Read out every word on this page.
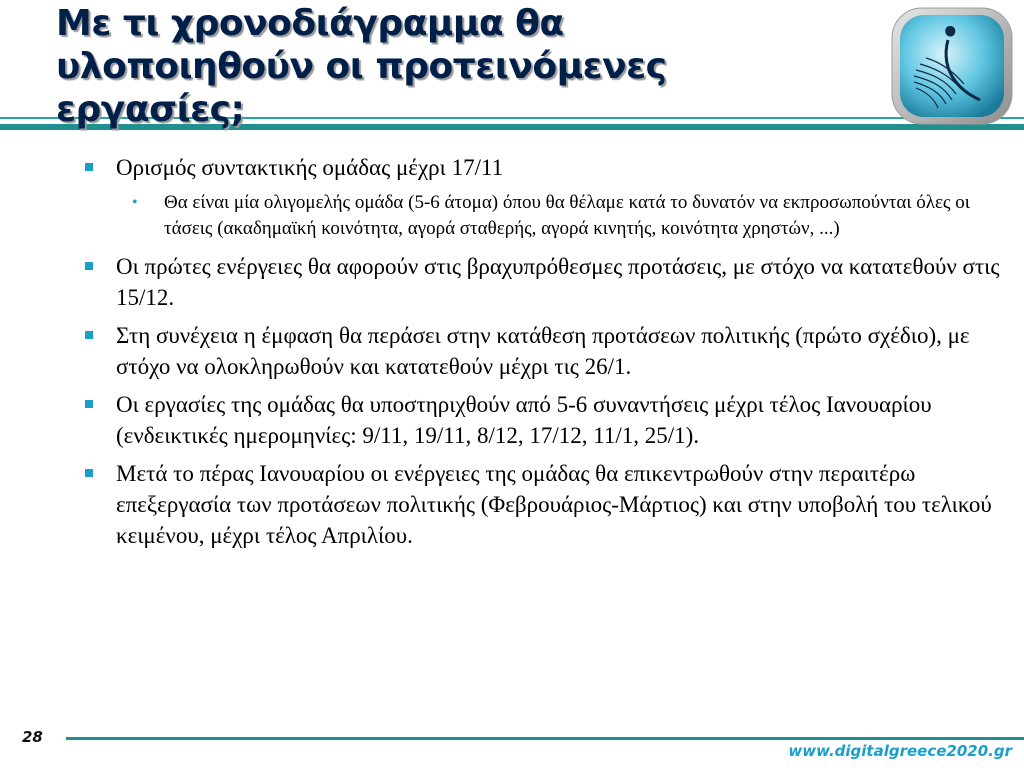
Με τι χρονοδιάγραμμα θα
υλοποιηθούν οι προτεινόμενες
εργασίες;
Ορισμός συντακτικής ομάδας μέχρι 17/11
• Θα είναι μία ολιγομελής ομάδα (5-6 άτομα) όπου θα θέλαμε κατά το δυνατόν να εκπροσωπούνται όλες οι τάσεις (ακαδημαϊκή κοινότητα, αγορά σταθερής, αγορά κινητής, κοινότητα χρηστών, ...)
Οι πρώτες ενέργειες θα αφορούν στις βραχυπρόθεσμες προτάσεις, με στόχο να κατατεθούν στις 15/12.
Στη συνέχεια η έμφαση θα περάσει στην κατάθεση προτάσεων πολιτικής (πρώτο σχέδιο), με στόχο να ολοκληρωθούν και κατατεθούν μέχρι τις 26/1.
Οι εργασίες της ομάδας θα υποστηριχθούν από 5-6 συναντήσεις μέχρι τέλος Ιανουαρίου (ενδεικτικές ημερομηνίες: 9/11, 19/11, 8/12, 17/12, 11/1, 25/1).
Μετά το πέρας Ιανουαρίου οι ενέργειες της ομάδας θα επικεντρωθούν στην περαιτέρω επεξεργασία των προτάσεων πολιτικής (Φεβρουάριος-Μάρτιος) και στην υποβολή του τελικού κειμένου, μέχρι τέλος Απριλίου.
28
www.digitalgreece2020.gr
